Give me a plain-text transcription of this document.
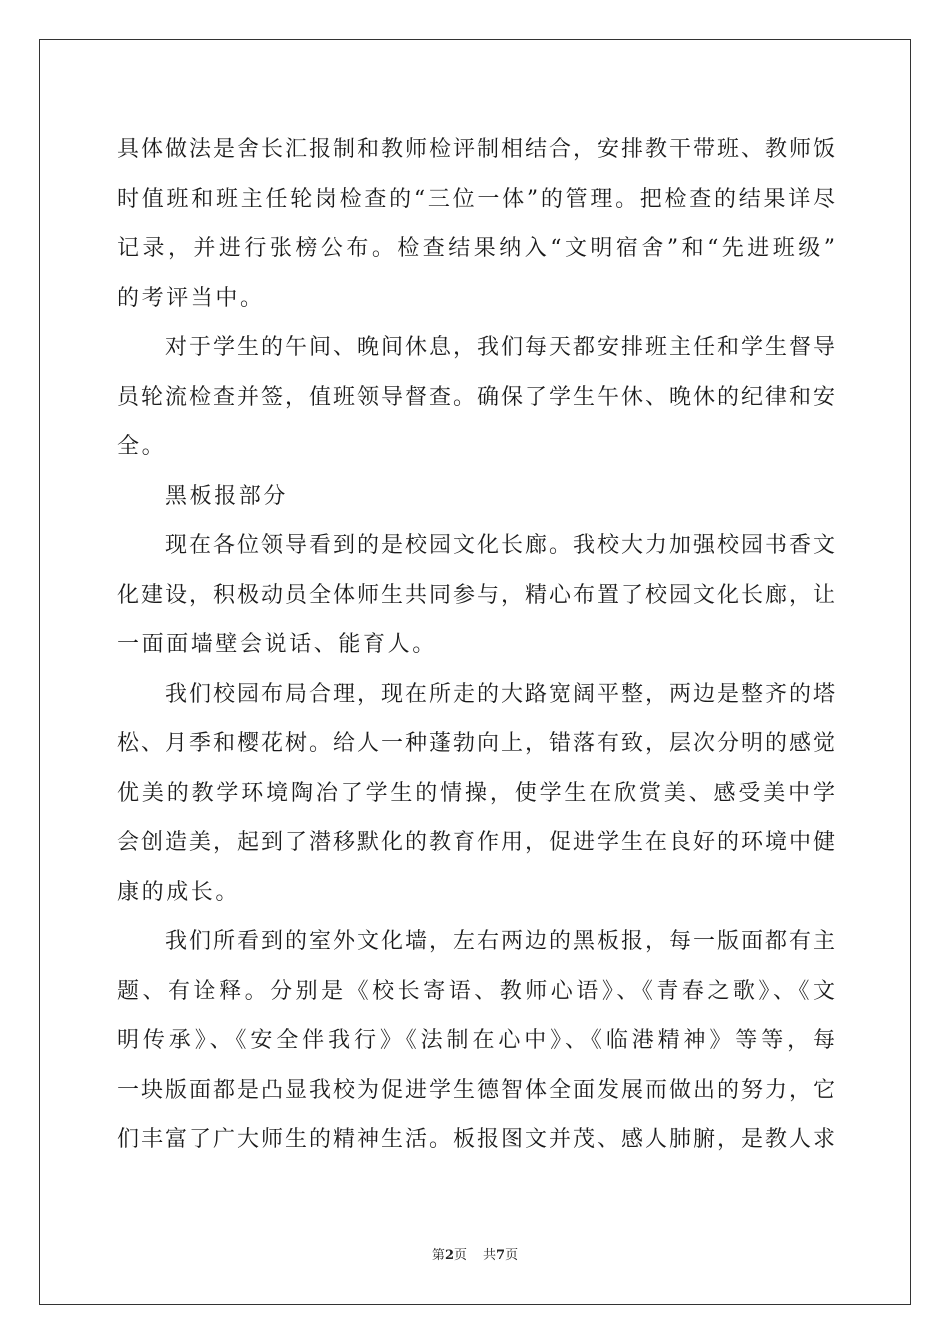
具体做法是舍长汇报制和教师检评制相结合，安排教干带班、教师饭
时值班和班主任轮岗检查的“三位一体”的管理。把检查的结果详尽
记录，并进行张榜公布。检查结果纳入“文明宿舍”和“先进班级”
的考评当中。
对于学生的午间、晚间休息，我们每天都安排班主任和学生督导
员轮流检查并签，值班领导督查。确保了学生午休、晚休的纪律和安
全。
黑板报部分
现在各位领导看到的是校园文化长廊。我校大力加强校园书香文
化建设，积极动员全体师生共同参与，精心布置了校园文化长廊，让
一面面墙壁会说话、能育人。
我们校园布局合理，现在所走的大路宽阔平整，两边是整齐的塔
松、月季和樱花树。给人一种蓬勃向上，错落有致，层次分明的感觉
优美的教学环境陶冶了学生的情操，使学生在欣赏美、感受美中学
会创造美，起到了潜移默化的教育作用，促进学生在良好的环境中健
康的成长。
我们所看到的室外文化墙，左右两边的黑板报，每一版面都有主
题、有诠释。分别是《校长寄语、教师心语》、《青春之歌》、《文
明传承》、《安全伴我行》《法制在心中》、《临港精神》等等，每
一块版面都是凸显我校为促进学生德智体全面发展而做出的努力，它
们丰富了广大师生的精神生活。板报图文并茂、感人肺腑，是教人求
第2页 共7页
